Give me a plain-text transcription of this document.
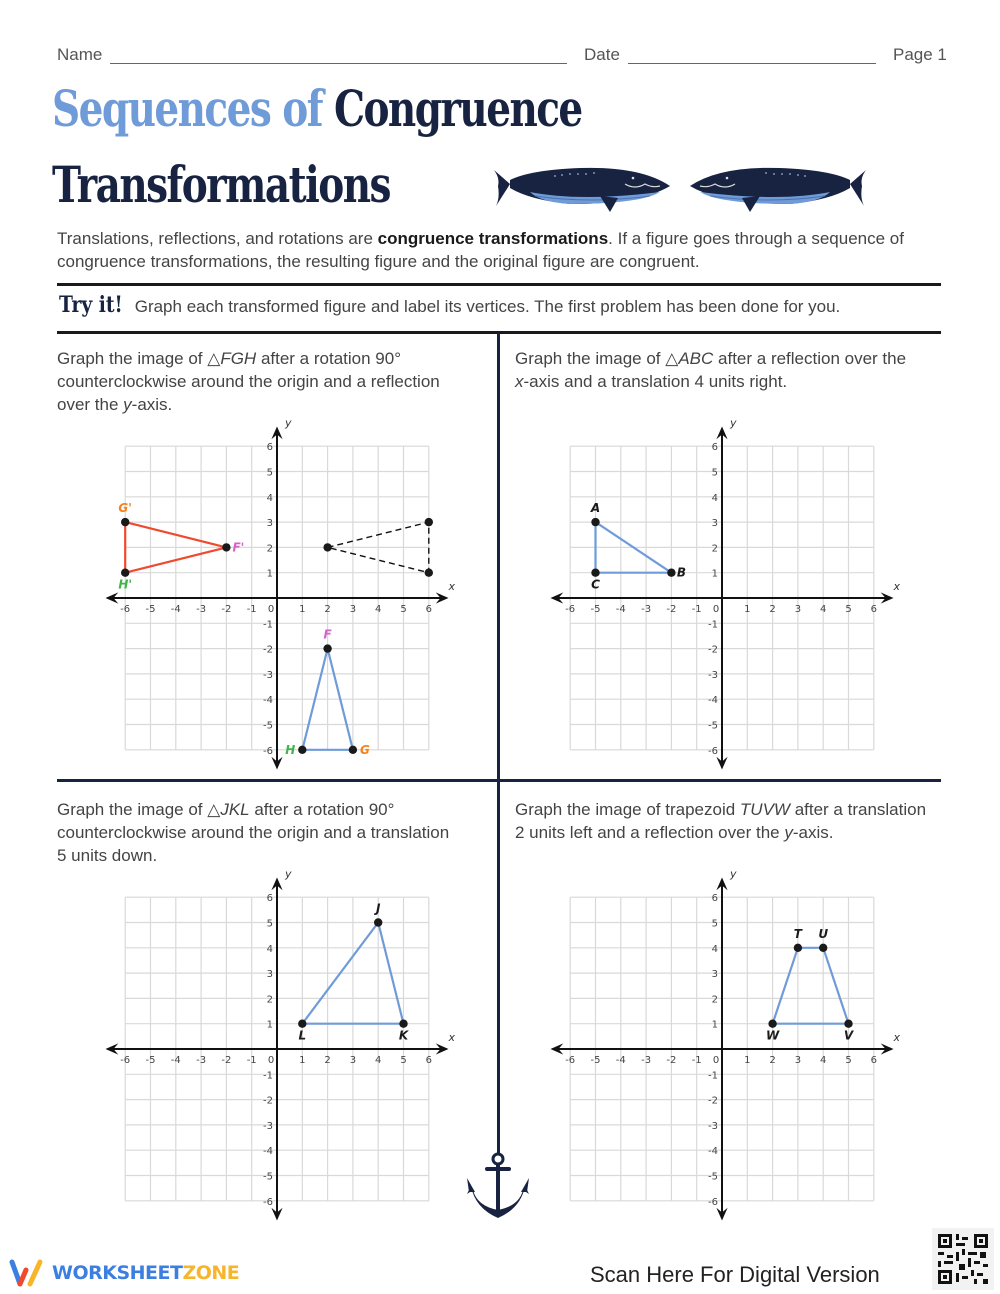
Name	Date	Page 1
Sequences of Congruence
Transformations
Translations, reflections, and rotations are congruence transformations. If a figure goes through a sequence of congruence transformations, the resulting figure and the original figure are congruent.
Try it! Graph each transformed figure and label its vertices. The first problem has been done for you.
Graph the image of △FGH after a rotation 90°
counterclockwise around the origin and a reflection
over the y-axis.
Graph the image of △ABC after a reflection over the
x-axis and a translation 4 units right.
Graph the image of △JKL after a rotation 90°
counterclockwise around the origin and a translation
5 units down.
Graph the image of trapezoid TUVW after a translation
2 units left and a reflection over the y-axis.
x
y
-6
-6
-5
-5
-4
-4
-3
-3
-2
-2
-1
-1
0 1
1
2
2
3
3
4
4
5
5
6
6
F
G
H
F'
G'
H'	x
y
-6
-6
-5
-5
-4
-4
-3
-3
-2
-2
-1
-1
0 1
1
2
2
3
3
4
4
5
5
6
6
A
B
C
x
y
-6
-6
-5
-5
-4
-4
-3
-3
-2
-2
-1
-1
0 1
1
2
2
3
3
4
4
5
5
6
6
J
K
L	x
y
-6
-6
-5
-5
-4
-4
-3
-3
-2
-2
-1
-1
0 1
1
2
2
3
3
4
4
5
5
6
6
T U
V
W
WORKSHEETZONE	Scan Here For Digital Version
